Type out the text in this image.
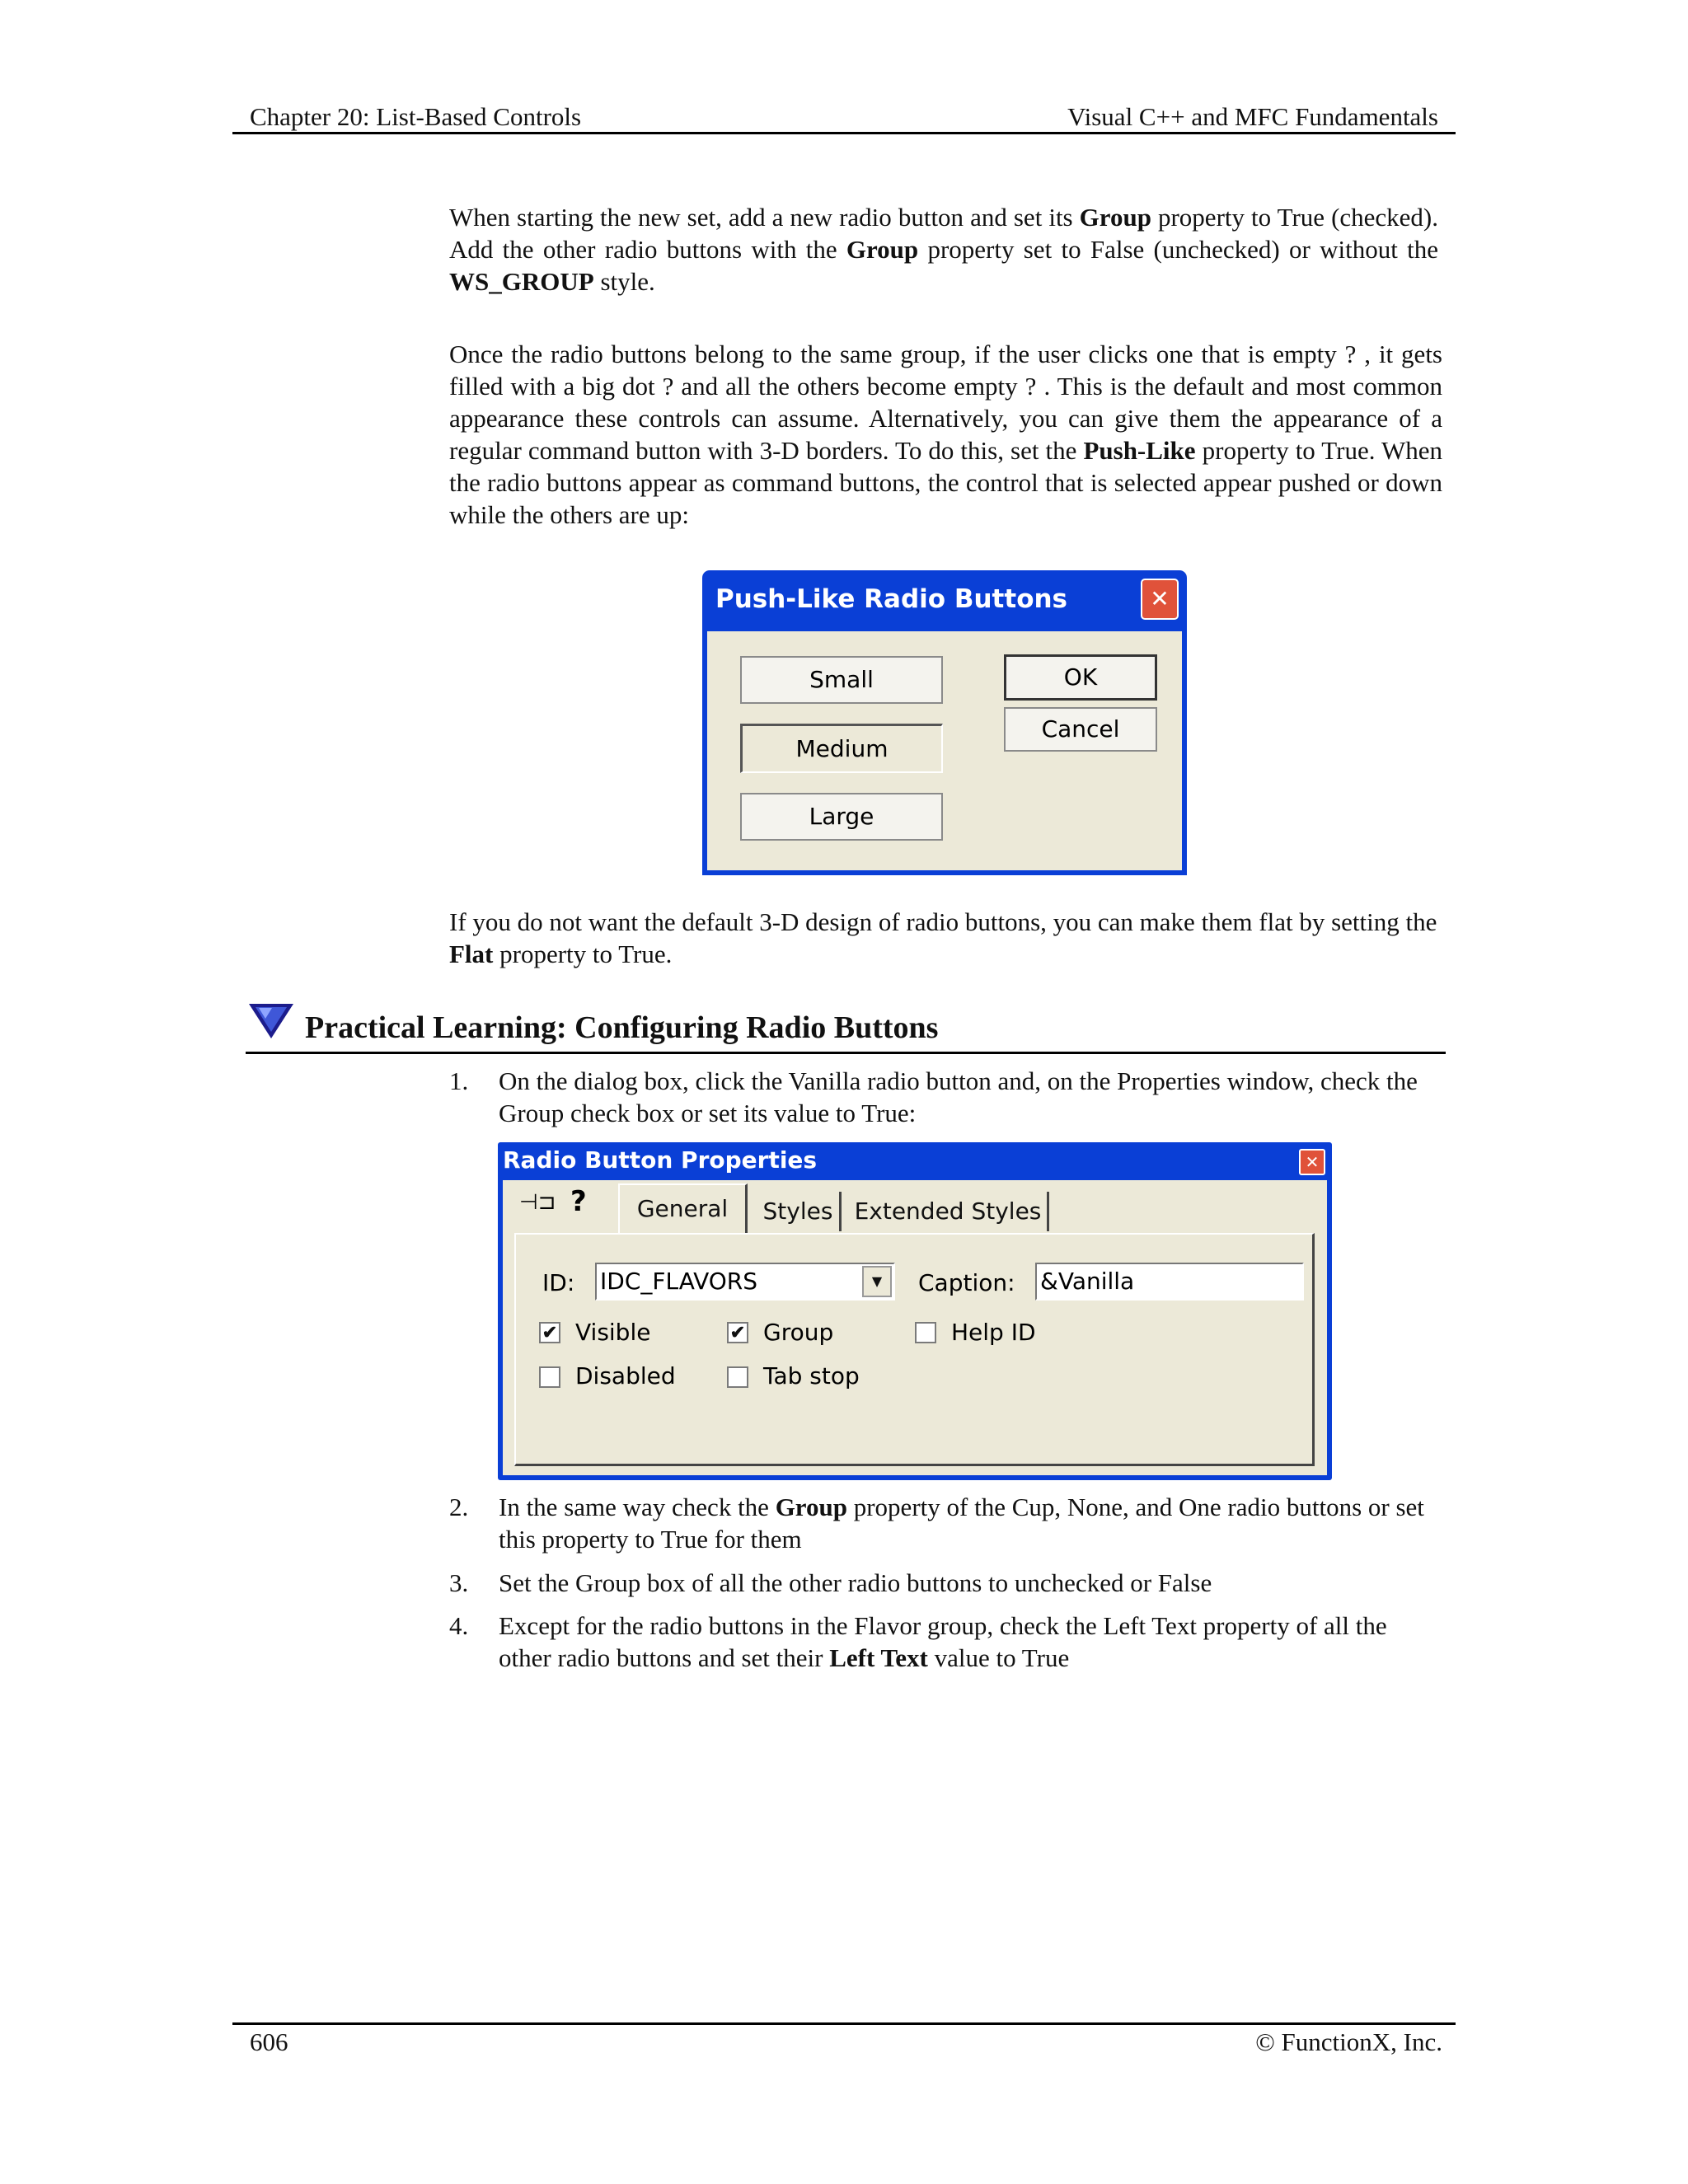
Chapter 20: List-Based Controls	Visual C++ and MFC Fundamentals
When starting the new set, add a new radio button and set its Group property to True (checked). Add the other radio buttons with the Group property set to False (unchecked) or without the WS_GROUP style.
Once the radio buttons belong to the same group, if the user clicks one that is empty ? , it gets filled with a big dot ? and all the others become empty ? . This is the default and most common appearance these controls can assume. Alternatively, you can give them the appearance of a regular command button with 3-D borders. To do this, set the Push-Like property to True. When the radio buttons appear as command buttons, the control that is selected appear pushed or down while the others are up:
Push-Like Radio Buttons	✕
Small
Medium
Large
OK
Cancel
If you do not want the default 3-D design of radio buttons, you can make them flat by setting the Flat property to True.
Practical Learning: Configuring Radio Buttons
1. On the dialog box, click the Vanilla radio button and, on the Properties window, check the Group check box or set its value to True:
Radio Button Properties	✕
⊣⊐ ?	General	Styles Extended Styles
ID: IDC_FLAVORS	▼	Caption: &Vanilla
✔ Visible	✔ Group	Help ID
Disabled	Tab stop
2. In the same way check the Group property of the Cup, None, and One radio buttons or set this property to True for them
3. Set the Group box of all the other radio buttons to unchecked or False
4. Except for the radio buttons in the Flavor group, check the Left Text property of all the other radio buttons and set their Left Text value to True
606	© FunctionX, Inc.
